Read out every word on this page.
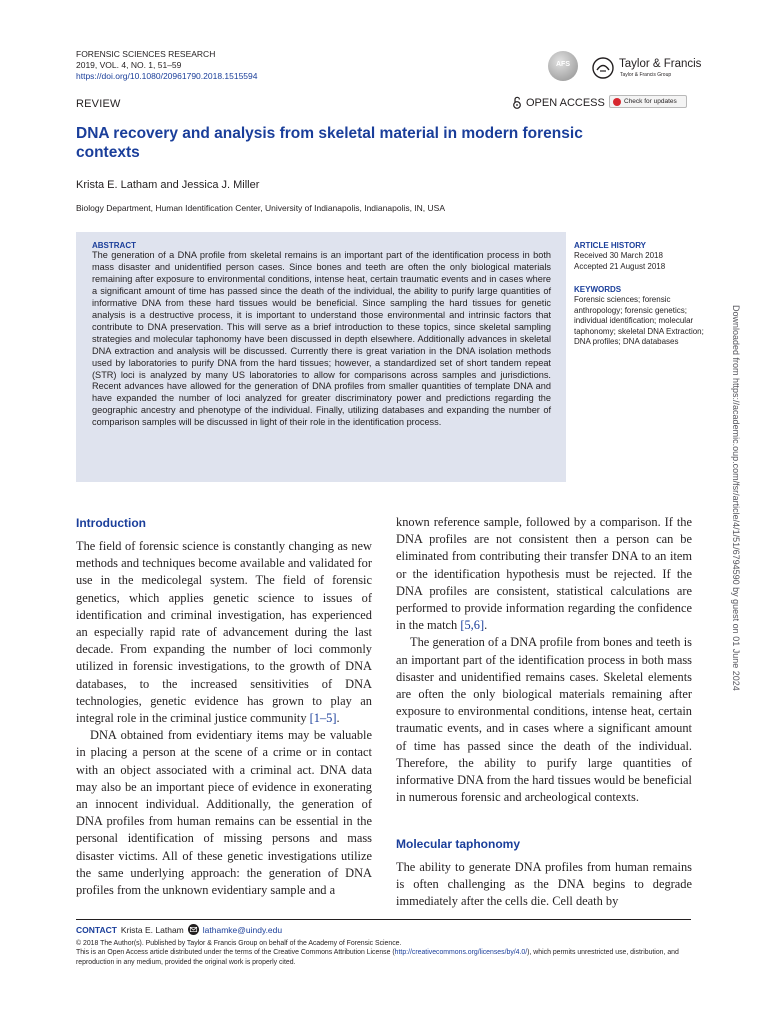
FORENSIC SCIENCES RESEARCH
2019, VOL. 4, NO. 1, 51–59
https://doi.org/10.1080/20961790.2018.1515594
AFS	Taylor & Francis
Taylor & Francis Group
REVIEW	OPEN ACCESS	Check for updates
DNA recovery and analysis from skeletal material in modern forensic contexts
Krista E. Latham and Jessica J. Miller
Biology Department, Human Identification Center, University of Indianapolis, Indianapolis, IN, USA
ABSTRACT
The generation of a DNA profile from skeletal remains is an important part of the identification process in both mass disaster and unidentified person cases. Since bones and teeth are often the only biological materials remaining after exposure to environmental conditions, intense heat, certain traumatic events and in cases where a significant amount of time has passed since the death of the individual, the ability to purify large quantities of informative DNA from these hard tissues would be beneficial. Since sampling the hard tissues for genetic analysis is a destructive process, it is important to understand those environmental and intrinsic factors that contribute to DNA preservation. This will serve as a brief introduction to these topics, since skeletal sampling strategies and molecular taphonomy have been discussed in depth elsewhere. Additionally advances in skeletal DNA extraction and analysis will be discussed. Currently there is great variation in the DNA isolation methods used by laboratories to purify DNA from the hard tissues; however, a standardized set of short tandem repeat (STR) loci is analyzed by many US laboratories to allow for comparisons across samples and jurisdictions. Recent advances have allowed for the generation of DNA profiles from smaller quantities of template DNA and have expanded the number of loci analyzed for greater discriminatory power and predictions regarding the geographic ancestry and phenotype of the individual. Finally, utilizing databases and expanding the number of comparison samples will be discussed in light of their role in the identification process.
ARTICLE HISTORY
Received 30 March 2018
Accepted 21 August 2018
KEYWORDS
Forensic sciences; forensic anthropology; forensic genetics; individual identification; molecular taphonomy; skeletal DNA Extraction; DNA profiles; DNA databases
Introduction

The field of forensic science is constantly changing as new methods and techniques become available and validated for use in the medicolegal system. The field of forensic genetics, which applies genetic science to issues of identification and criminal investigation, has experienced an especially rapid rate of advancement during the last decade. From expanding the number of loci commonly utilized in forensic investigations, to the growth of DNA databases, to the increased sensitivities of DNA technologies, genetic evidence has grown to play an integral role in the criminal justice community [1–5].

DNA obtained from evidentiary items may be valuable in placing a person at the scene of a crime or in contact with an object associated with a criminal act. DNA data may also be an important piece of evidence in exonerating an innocent individual. Additionally, the generation of DNA profiles from human remains can be essential in the personal identification of missing persons and mass disaster victims. All of these genetic investigations utilize the same underlying approach: the generation of DNA profiles from the unknown evidentiary sample and a

known reference sample, followed by a comparison. If the DNA profiles are not consistent then a person can be eliminated from contributing their transfer DNA to an item or the identification hypothesis must be rejected. If the DNA profiles are consistent, statistical calculations are performed to provide information regarding the confidence in the match [5,6].

The generation of a DNA profile from bones and teeth is an important part of the identification process in both mass disaster and unidentified remains cases. Skeletal elements are often the only biological materials remaining after exposure to environmental conditions, intense heat, certain traumatic events, and in cases where a significant amount of time has passed since the death of the individual. Therefore, the ability to purify large quantities of informative DNA from the hard tissues would be beneficial in numerous forensic and archeological contexts.

Molecular taphonomy

The ability to generate DNA profiles from human remains is often challenging as the DNA begins to degrade immediately after the cells die. Cell death by

CONTACT Krista E. Latham lathamke@uindy.edu
© 2018 The Author(s). Published by Taylor & Francis Group on behalf of the Academy of Forensic Science.
This is an Open Access article distributed under the terms of the Creative Commons Attribution License (http://creativecommons.org/licenses/by/4.0/), which permits unrestricted use, distribution, and reproduction in any medium, provided the original work is properly cited.
Downloaded from https://academic.oup.com/fsr/article/4/1/51/6794590 by guest on 01 June 2024
